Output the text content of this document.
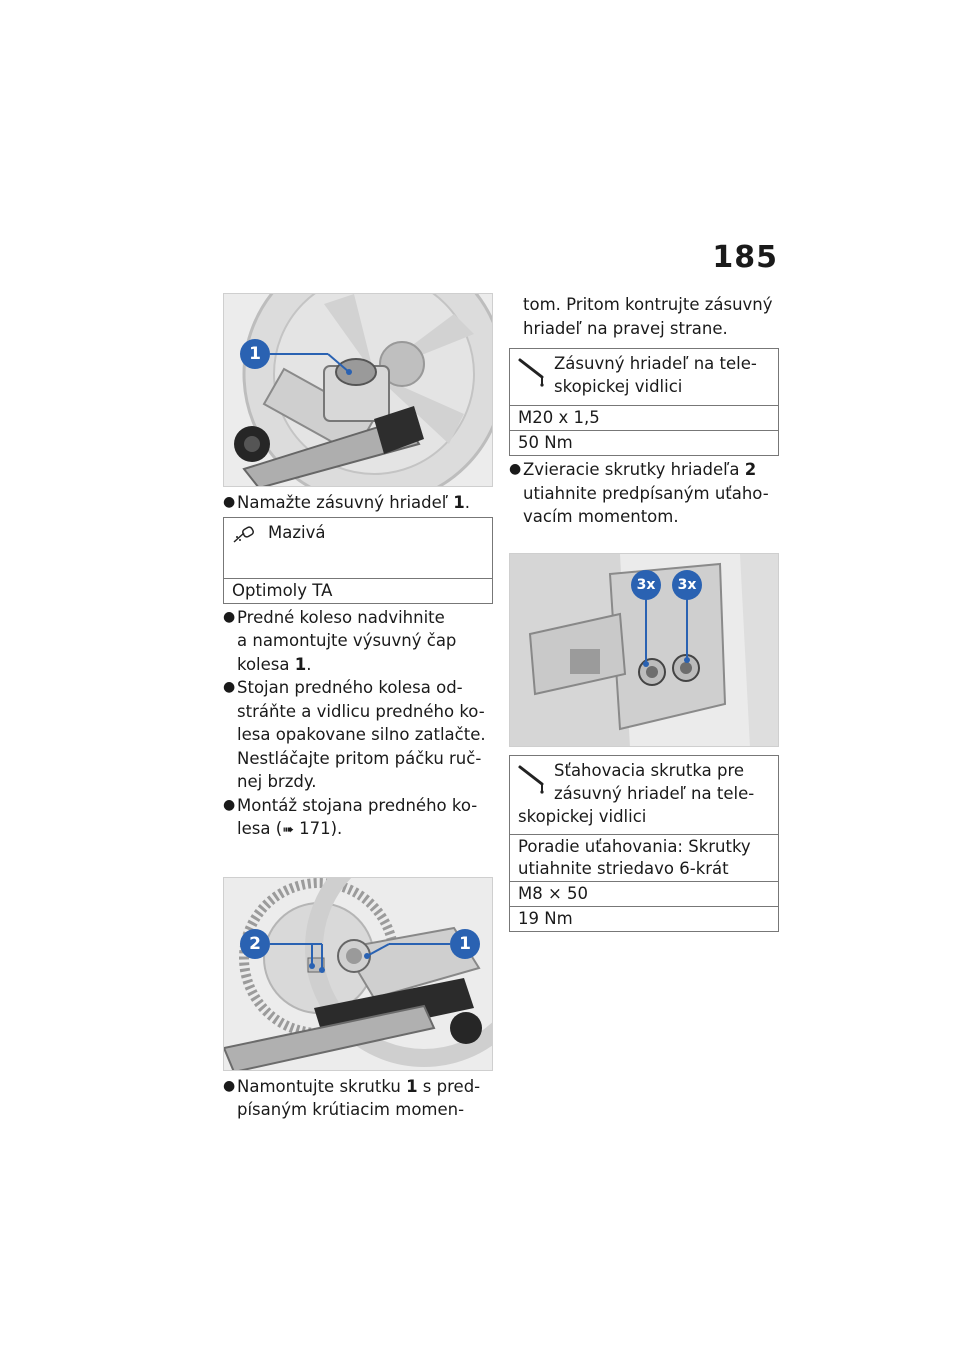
185
1
● Namažte zásuvný hriadeľ 1.
Mazivá

Optimoly TA
● Predné koleso nadvihnite
a namontujte výsuvný čap
kolesa 1.
● Stojan predného kolesa od-
stráňte a vidlicu predného ko-
lesa opakovane silno zatlačte.
Nestláčajte pritom páčku ruč-
nej brzdy.
● Montáž stojana predného ko-
lesa (➠ 171).
2	1
● Namontujte skrutku 1 s pred-
písaným krútiacim momen-
tom. Pritom kontrujte zásuvný
hriadeľ na pravej strane.
Zásuvný hriadeľ na tele-
skopickej vidlici

M20 x 1,5
50 Nm
● Zvieracie skrutky hriadeľa 2
utiahnite predpísaným uťaho-
vacím momentom.
3x	3x
Sťahovacia skrutka pre
zásuvný hriadeľ na tele-
skopickej vidlici

Poradie uťahovania: Skrutky utiahnite striedavo 6-krát
M8 × 50
19 Nm
